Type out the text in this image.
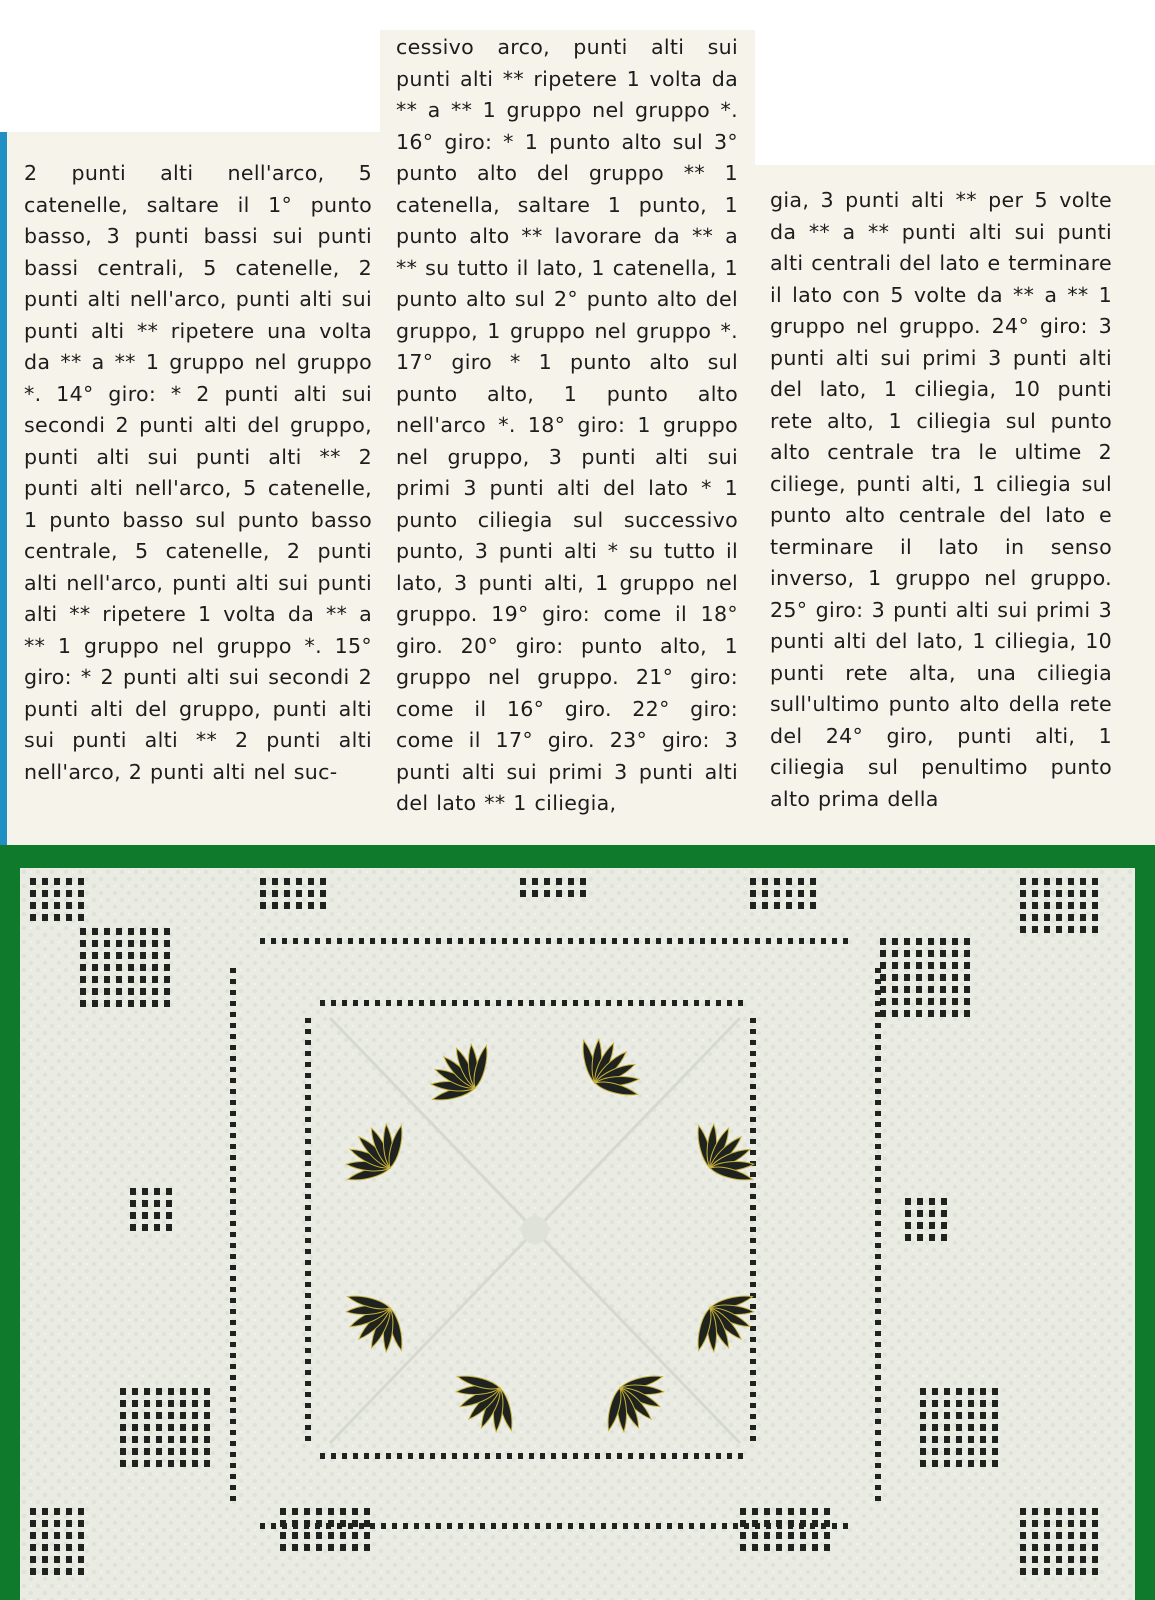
2 punti alti nell'arco, 5 catenelle, saltare il 1° punto basso, 3 punti bassi sui punti bassi centrali, 5 catenelle, 2 punti alti nell'arco, punti alti sui punti alti ** ripetere una volta da ** a ** 1 gruppo nel gruppo *. 14° giro: * 2 punti alti sui secondi 2 punti alti del gruppo, punti alti sui punti alti ** 2 punti alti nell'arco, 5 catenelle, 1 punto basso sul punto basso centrale, 5 catenelle, 2 punti alti nell'arco, punti alti sui punti alti ** ripetere 1 volta da ** a ** 1 gruppo nel gruppo *. 15° giro: * 2 punti alti sui secondi 2 punti alti del gruppo, punti alti sui punti alti ** 2 punti alti nell'arco, 2 punti alti nel suc-

cessivo arco, punti alti sui punti alti ** ripetere 1 volta da ** a ** 1 gruppo nel gruppo *. 16° giro: * 1 punto alto sul 3° punto alto del gruppo ** 1 catenella, saltare 1 punto, 1 punto alto ** lavorare da ** a ** su tutto il lato, 1 catenella, 1 punto alto sul 2° punto alto del gruppo, 1 gruppo nel gruppo *. 17° giro * 1 punto alto sul punto alto, 1 punto alto nell'arco *. 18° giro: 1 gruppo nel gruppo, 3 punti alti sui primi 3 punti alti del lato * 1 punto ciliegia sul successivo punto, 3 punti alti * su tutto il lato, 3 punti alti, 1 gruppo nel gruppo. 19° giro: come il 18° giro. 20° giro: punto alto, 1 gruppo nel gruppo. 21° giro: come il 16° giro. 22° giro: come il 17° giro. 23° giro: 3 punti alti sui primi 3 punti alti del lato ** 1 ciliegia,

gia, 3 punti alti ** per 5 volte da ** a ** punti alti sui punti alti centrali del lato e terminare il lato con 5 volte da ** a ** 1 gruppo nel gruppo. 24° giro: 3 punti alti sui primi 3 punti alti del lato, 1 ciliegia, 10 punti rete alto, 1 ciliegia sul punto alto centrale tra le ultime 2 ciliege, punti alti, 1 ciliegia sul punto alto centrale del lato e terminare il lato in senso inverso, 1 gruppo nel gruppo. 25° giro: 3 punti alti sui primi 3 punti alti del lato, 1 ciliegia, 10 punti rete alta, una ciliegia sull'ultimo punto alto della rete del 24° giro, punti alti, 1 ciliegia sul penultimo punto alto prima della
